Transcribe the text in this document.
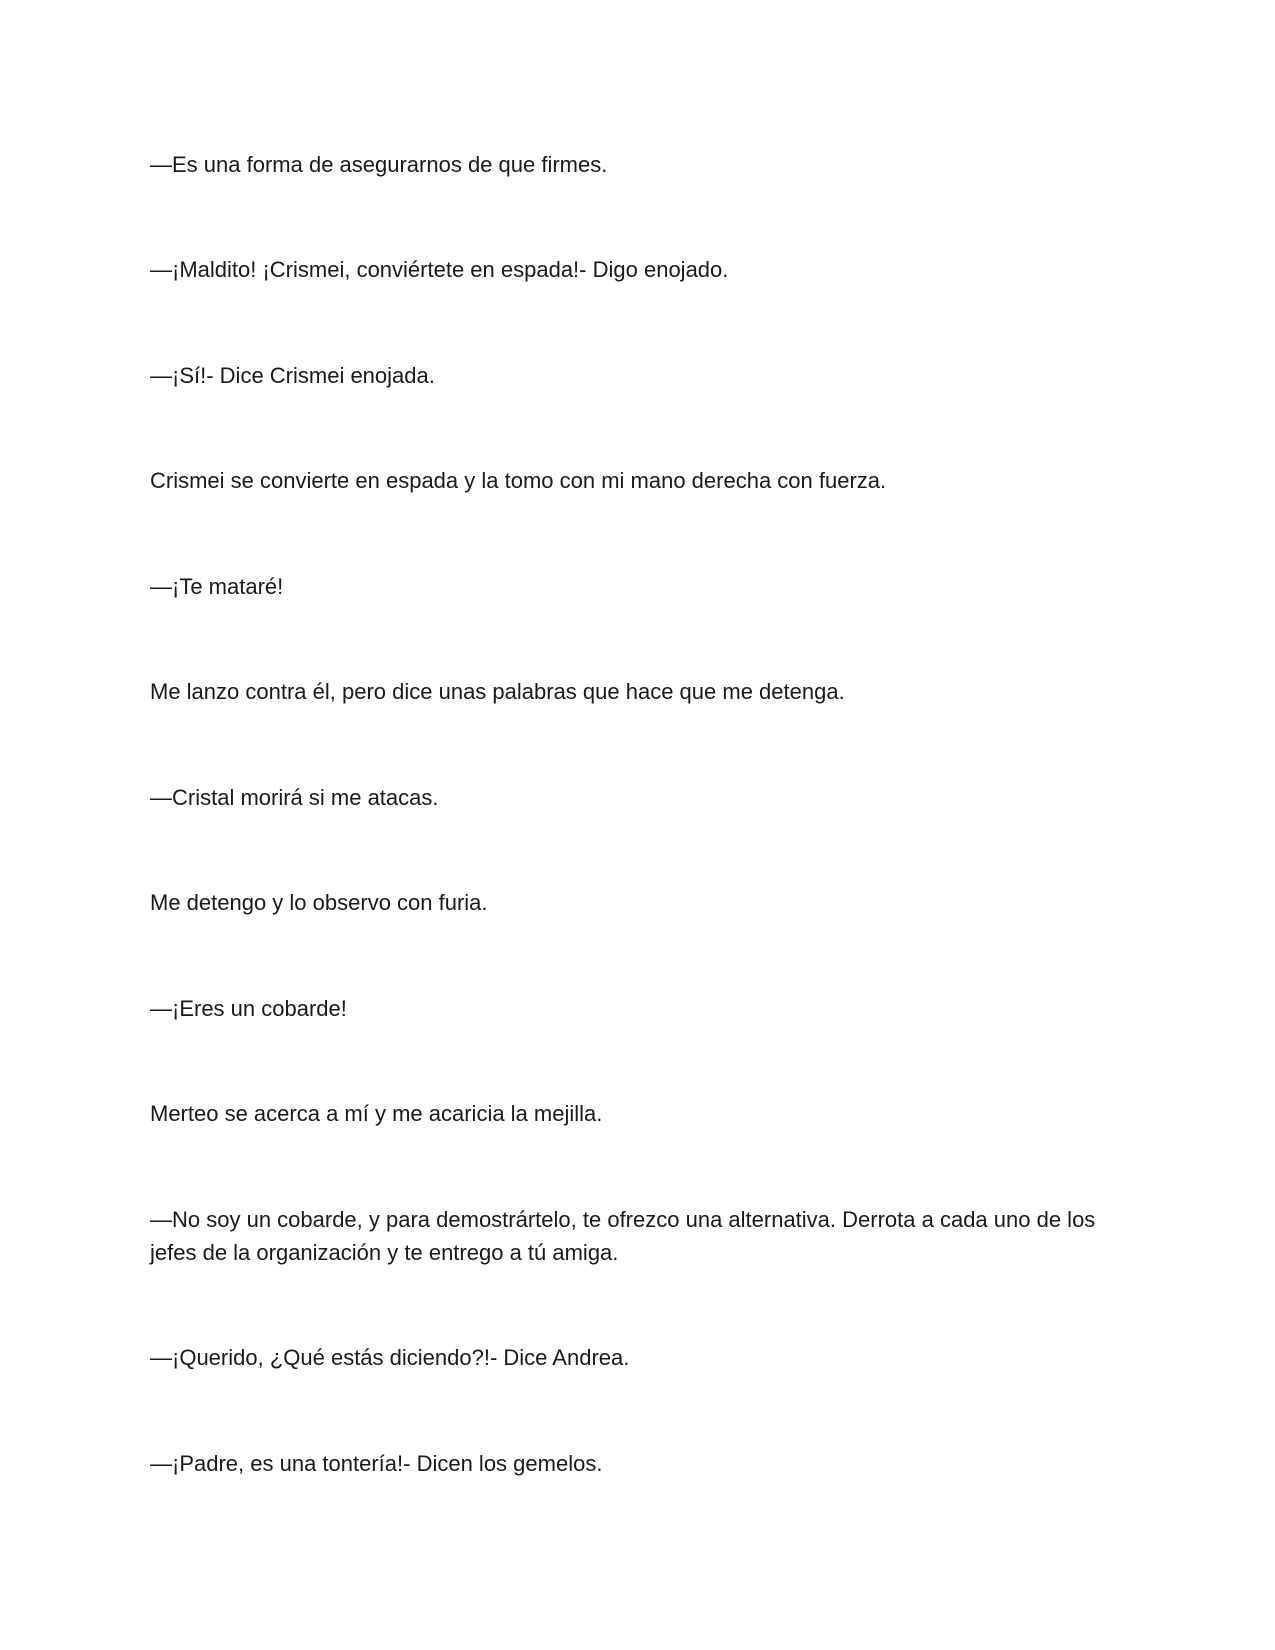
—Es una forma de asegurarnos de que firmes.

—¡Maldito! ¡Crismei, conviértete en espada!- Digo enojado.

—¡Sí!- Dice Crismei enojada.

Crismei se convierte en espada y la tomo con mi mano derecha con fuerza.

—¡Te mataré!

Me lanzo contra él, pero dice unas palabras que hace que me detenga.

—Cristal morirá si me atacas.

Me detengo y lo observo con furia.

—¡Eres un cobarde!

Merteo se acerca a mí y me acaricia la mejilla.

—No soy un cobarde, y para demostrártelo, te ofrezco una alternativa. Derrota a cada uno de los jefes de la organización y te entrego a tú amiga.

—¡Querido, ¿Qué estás diciendo?!- Dice Andrea.

—¡Padre, es una tontería!- Dicen los gemelos.
